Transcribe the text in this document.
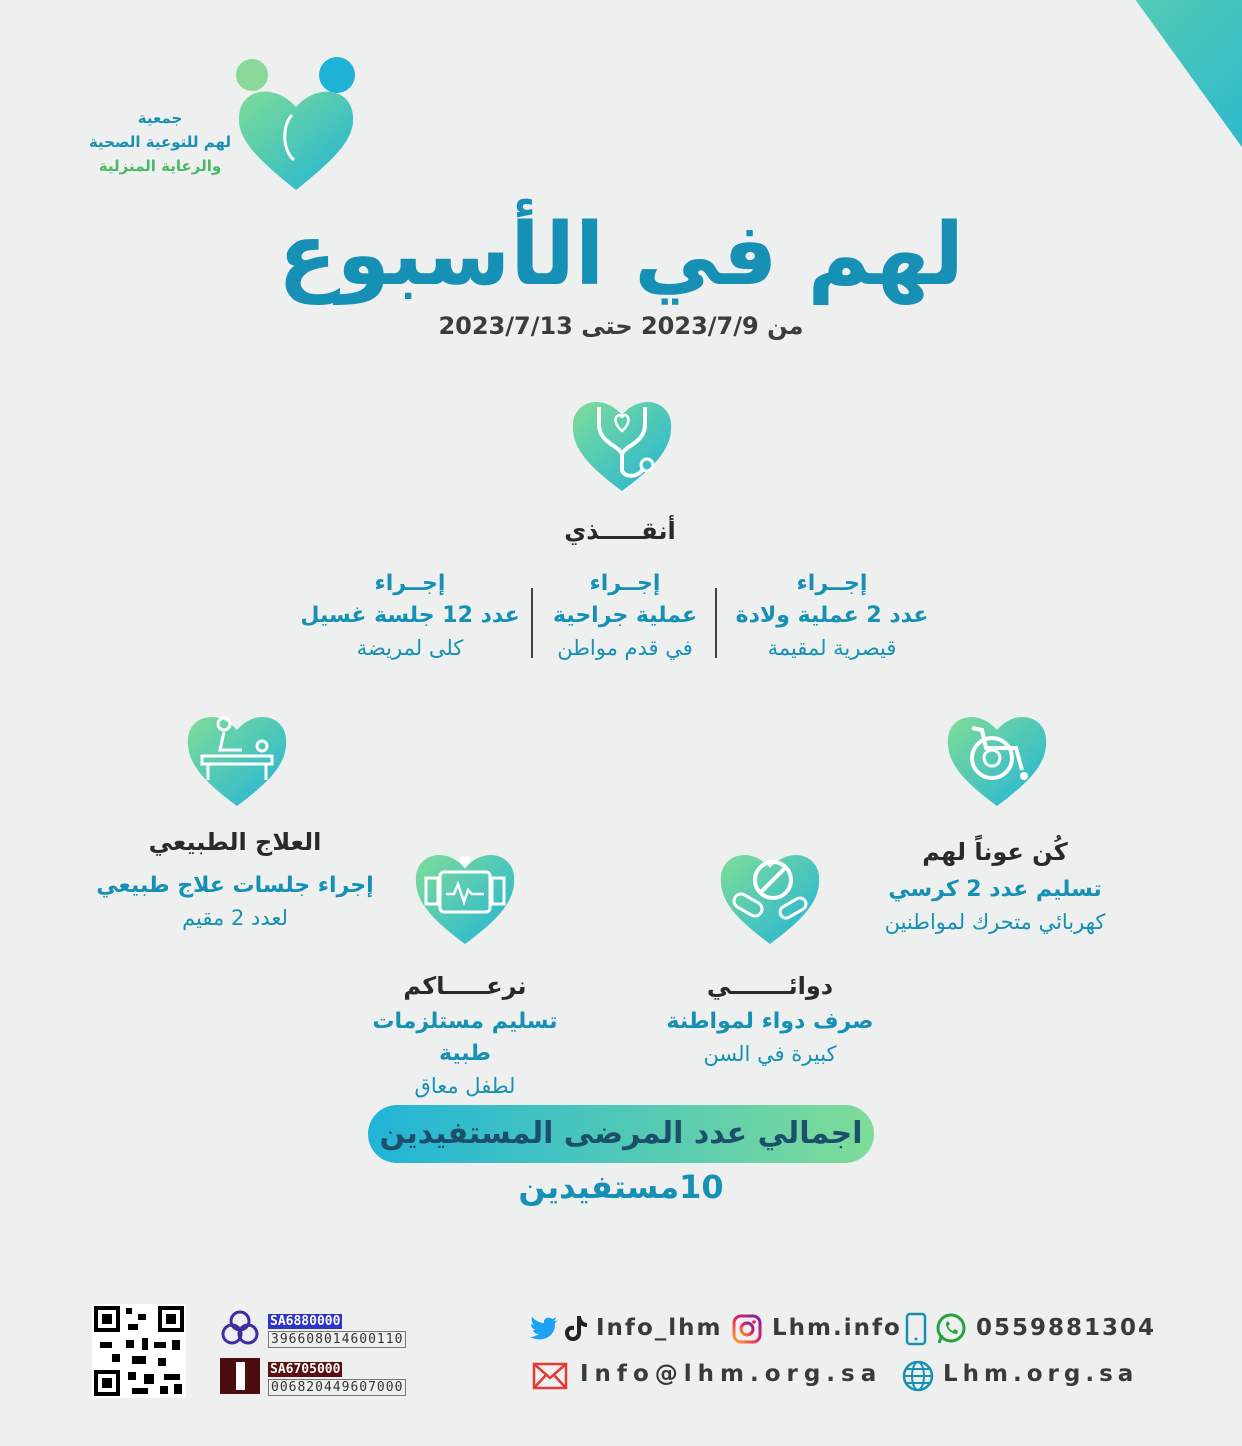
جمعية
لهم للتوعية الصحية
والرعاية المنزلية
لهم في الأسبوع
من 2023/7/9 حتى 2023/7/13
أنقـــــذي
إجــراء
عدد 2 عملية ولادة
قيصرية لمقيمة
إجــراء
عملية جراحية
في قدم مواطن
إجــراء
عدد 12 جلسة غسيل
كلى لمريضة
كُن عوناً لهم
تسليم عدد 2 كرسي
كهربائي متحرك لمواطنين
العلاج الطبيعي
إجراء جلسات علاج طبيعي
لعدد 2 مقيم
دوائـــــــي
صرف دواء لمواطنة
كبيرة في السن
نرعـــــاكم
تسليم مستلزمات طبية
لطفل معاق
اجمالي عدد المرضى المستفيدين
10مستفيدين
SA6880000
396608014600110
SA6705000
006820449607000
Info_lhm Lhm.info	0559881304
Info@lhm.org.sa	Lhm.org.sa
